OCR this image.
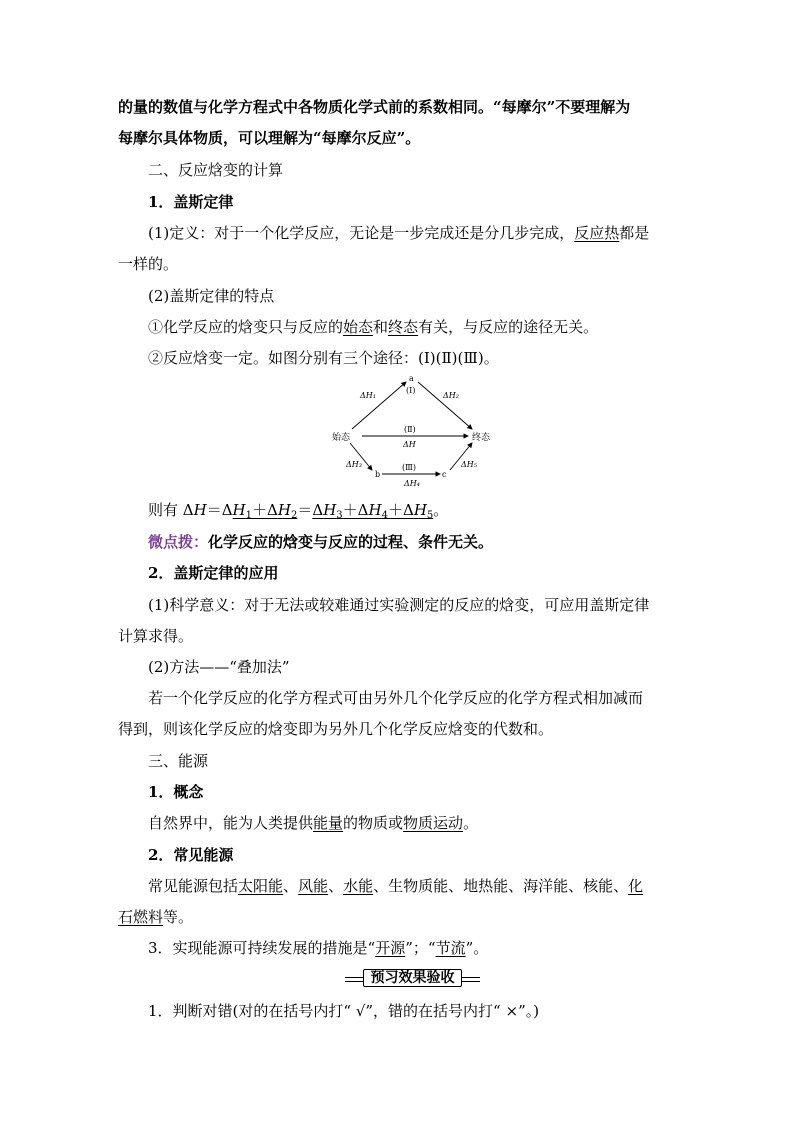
的量的数值与化学方程式中各物质化学式前的系数相同。“每摩尔”不要理解为
每摩尔具体物质，可以理解为“每摩尔反应”。
二、反应焓变的计算
1．盖斯定律
(1)定义：对于一个化学反应，无论是一步完成还是分几步完成，反应热都是
一样的。
(2)盖斯定律的特点
①化学反应的焓变只与反应的始态和终态有关，与反应的途径无关。
②反应焓变一定。如图分别有三个途径：(Ⅰ)(Ⅱ)(Ⅲ)。
a
始态	终态
b	c
(Ⅰ)
(Ⅱ)
(Ⅲ)
ΔH₁	ΔH₂
ΔH
ΔH₃
ΔH₄
ΔH₅
则有 $\Delta H=\Delta H_1+\Delta H_2=\Delta H_3+\Delta H_4+\Delta H_5$。
微点拨：化学反应的焓变与反应的过程、条件无关。
2．盖斯定律的应用
(1)科学意义：对于无法或较难通过实验测定的反应的焓变，可应用盖斯定律
计算求得。
(2)方法——“叠加法”
若一个化学反应的化学方程式可由另外几个化学反应的化学方程式相加减而
得到，则该化学反应的焓变即为另外几个化学反应焓变的代数和。
三、能源
1．概念
自然界中，能为人类提供能量的物质或物质运动。
2．常见能源
常见能源包括太阳能、风能、水能、生物质能、地热能、海洋能、核能、化
石燃料等。
3．实现能源可持续发展的措施是“开源”；“节流”。
预习效果验收
1．判断对错(对的在括号内打“ √”，错的在括号内打“ ×”。)
